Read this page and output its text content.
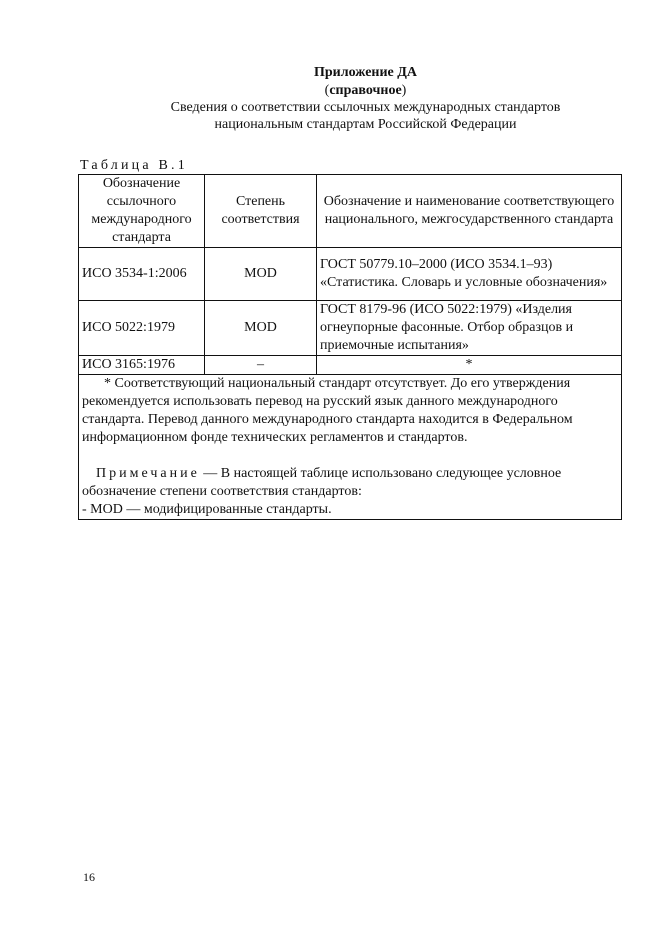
Приложение ДА
(справочное)
Сведения о соответствии ссылочных международных стандартов
национальным стандартам Российской Федерации
Таблица В.1
Обозначение ссылочного международного стандарта	Степень соответствия	Обозначение и наименование соответствующего национального, межгосударственного стандарта
ИСО 3534-1:2006	MOD	ГОСТ 50779.10–2000 (ИСО 3534.1–93) «Статистика. Словарь и условные обозначения»
ИСО 5022:1979	MOD	ГОСТ 8179-96 (ИСО 5022:1979) «Изделия огнеупорные фасонные. Отбор образцов и приемочные испытания»
ИСО 3165:1976	–	*

* Соответствующий национальный стандарт отсутствует. До его утверждения рекомендуется использовать перевод на русский язык данного международного стандарта. Перевод данного международного стандарта находится в Федеральном информационном фонде технических регламентов и стандартов.

Примечание — В настоящей таблице использовано следующее условное обозначение степени соответствия стандартов:

- MOD — модифицированные стандарты.		

16
